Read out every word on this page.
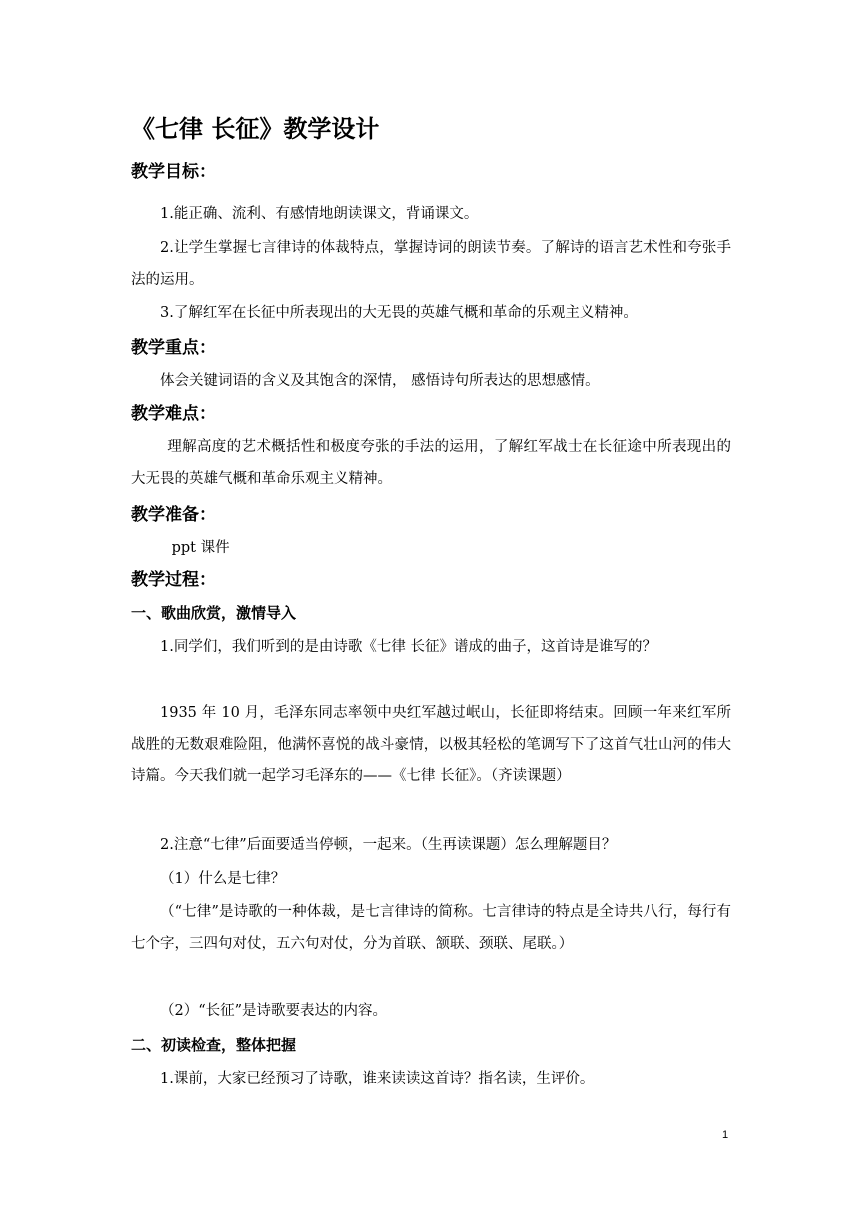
《七律 长征》教学设计
教学目标：

1.能正确、流利、有感情地朗读课文，背诵课文。

2.让学生掌握七言律诗的体裁特点，掌握诗词的朗读节奏。了解诗的语言艺术性和夸张手法的运用。

3.了解红军在长征中所表现出的大无畏的英雄气概和革命的乐观主义精神。

教学重点：

体会关键词语的含义及其饱含的深情， 感悟诗句所表达的思想感情。

教学难点：

理解高度的艺术概括性和极度夸张的手法的运用，了解红军战士在长征途中所表现出的大无畏的英雄气概和革命乐观主义精神。

教学准备：

ppt 课件

教学过程：
一、歌曲欣赏，激情导入

1.同学们，我们听到的是由诗歌《七律 长征》谱成的曲子，这首诗是谁写的？

1935 年 10 月，毛泽东同志率领中央红军越过岷山，长征即将结束。回顾一年来红军所战胜的无数艰难险阻，他满怀喜悦的战斗豪情，以极其轻松的笔调写下了这首气壮山河的伟大诗篇。今天我们就一起学习毛泽东的——《七律 长征》。（齐读课题）

2.注意“七律”后面要适当停顿，一起来。（生再读课题）怎么理解题目？

（1）什么是七律？

（“七律”是诗歌的一种体裁，是七言律诗的简称。七言律诗的特点是全诗共八行，每行有七个字，三四句对仗，五六句对仗，分为首联、颔联、颈联、尾联。）

（2）“长征”是诗歌要表达的内容。

二、初读检查，整体把握

1.课前，大家已经预习了诗歌，谁来读读这首诗？指名读，生评价。

1
